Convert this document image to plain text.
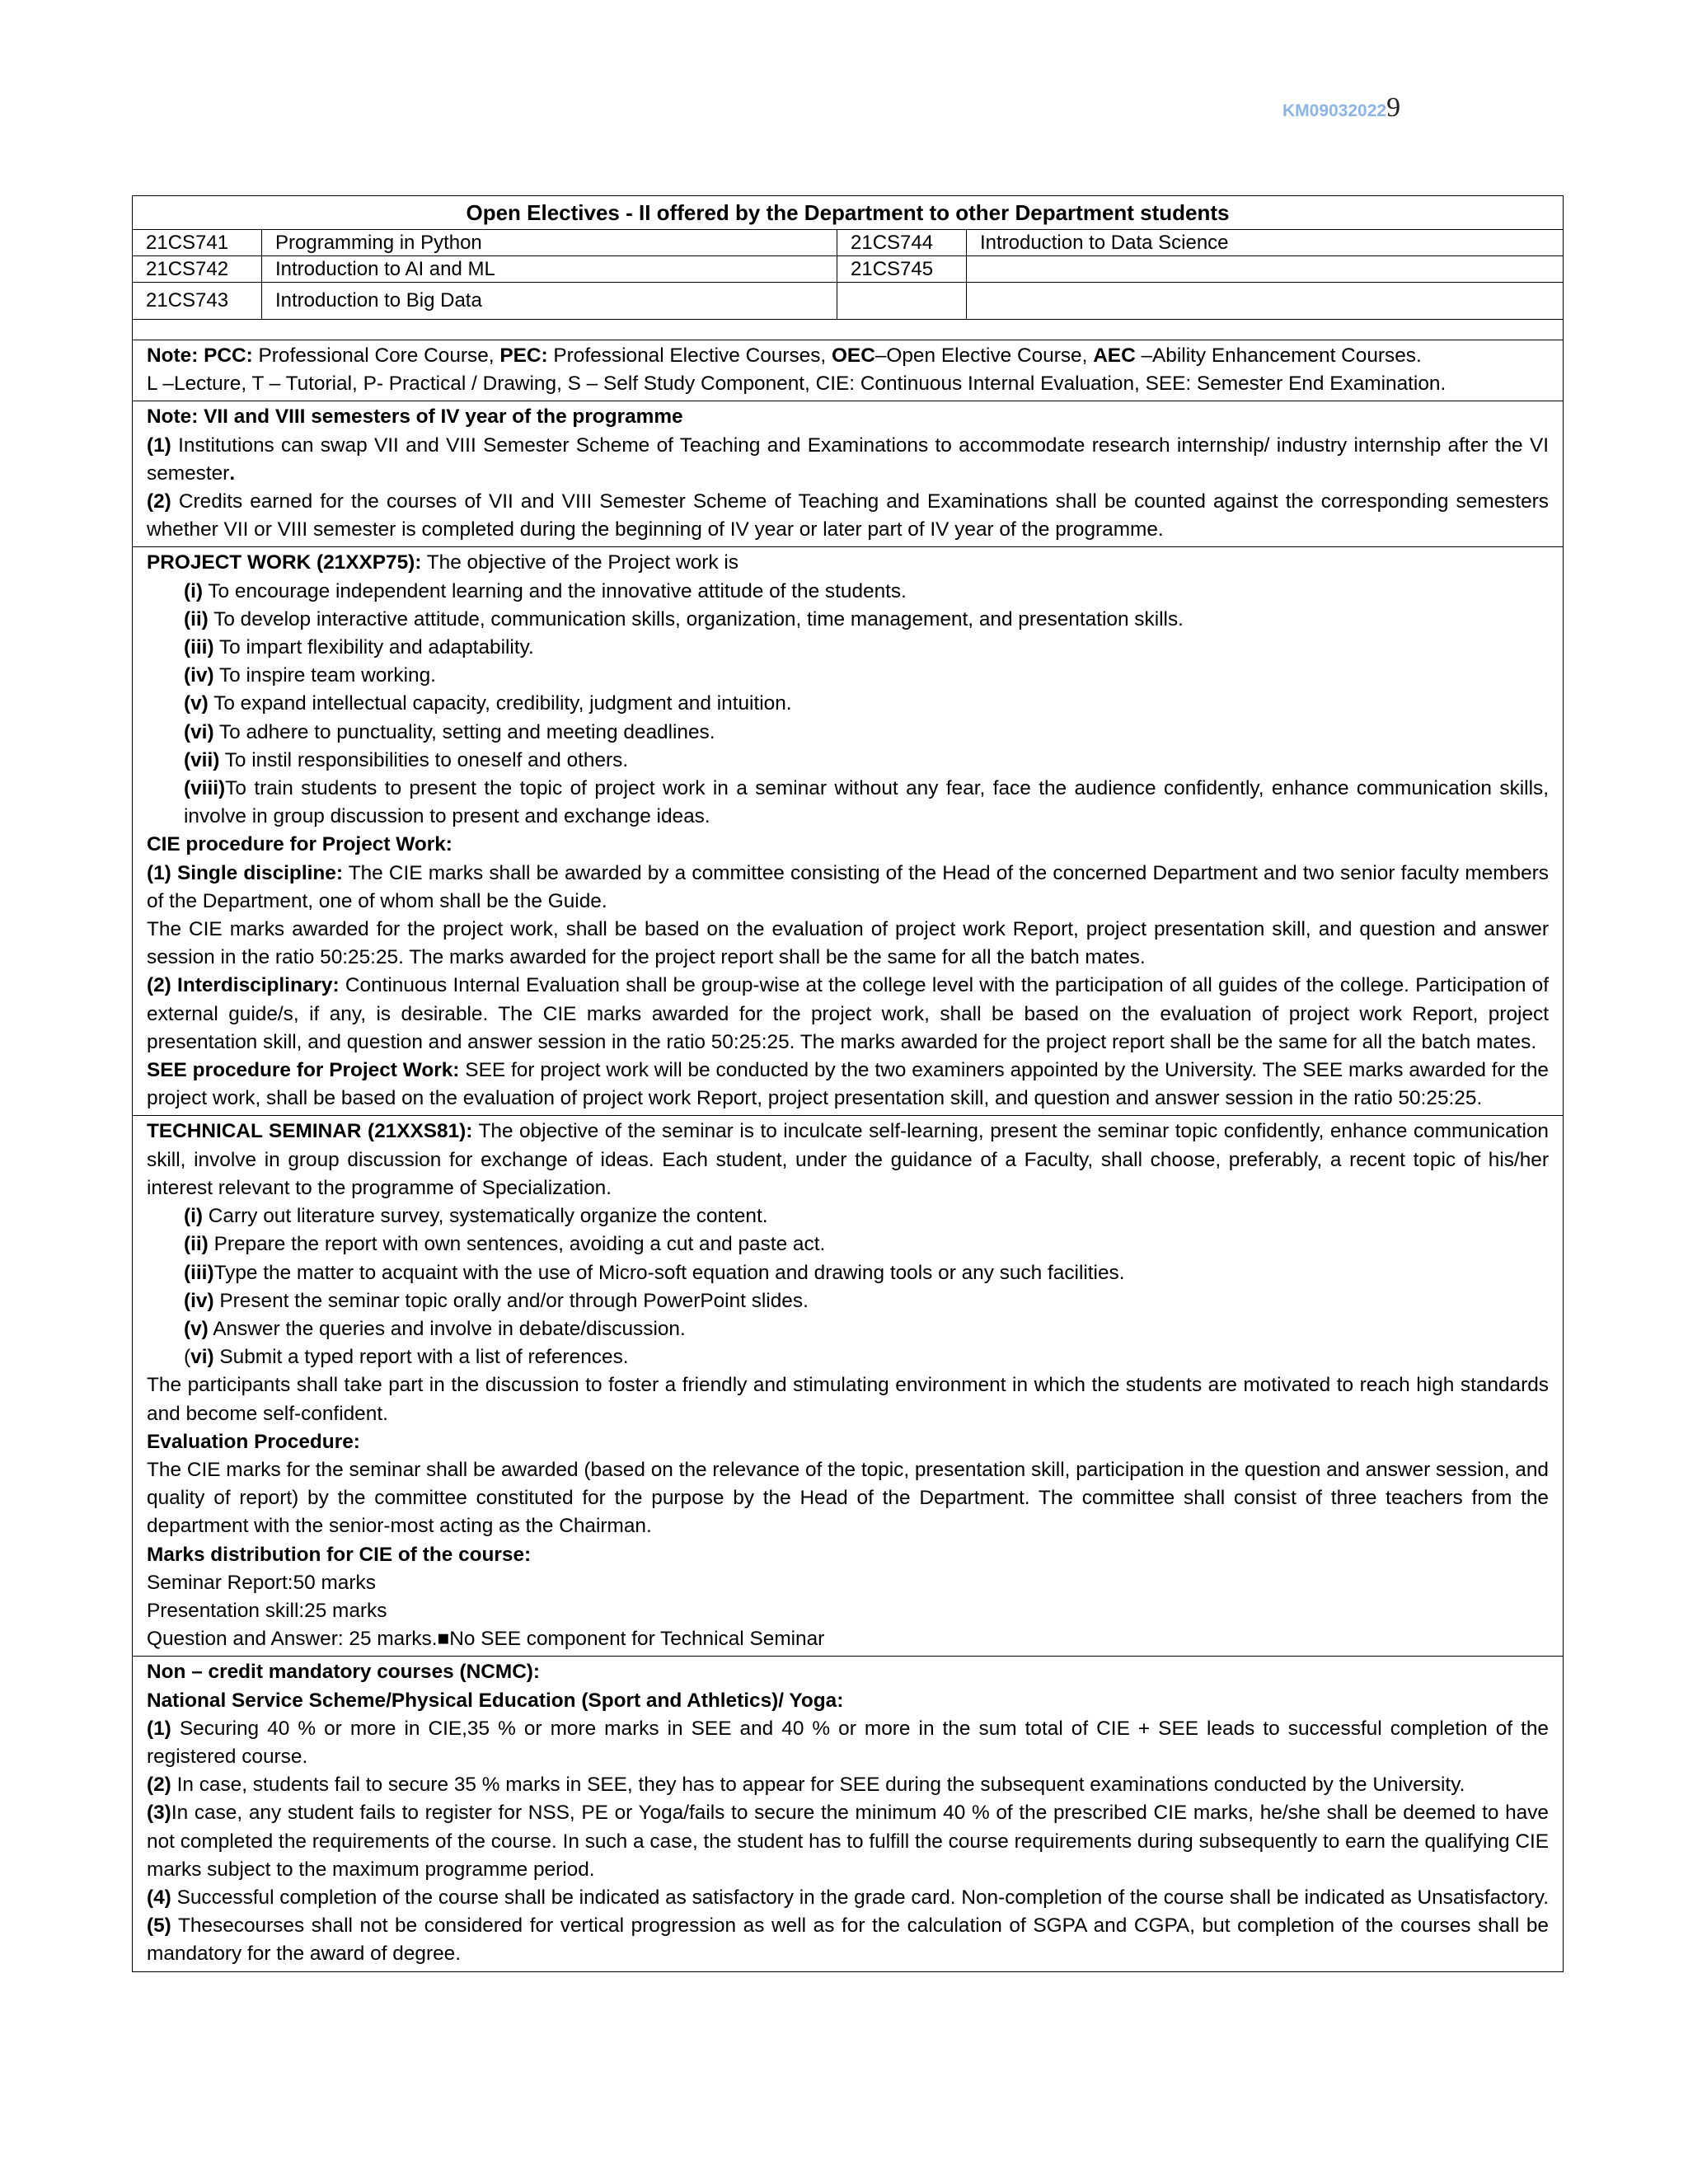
KM090320229
Open Electives - II offered by the Department to other Department students			
21CS741	Programming in Python	21CS744	Introduction to Data Science
21CS742	Introduction to AI and ML	21CS745	
21CS743	Introduction to Big Data		

Note: PCC: Professional Core Course, PEC: Professional Elective Courses, OEC–Open Elective Course, AEC –Ability Enhancement Courses.

L –Lecture, T – Tutorial, P- Practical / Drawing, S – Self Study Component, CIE: Continuous Internal Evaluation, SEE: Semester End Examination.

Note: VII and VIII semesters of IV year of the programme

(1) Institutions can swap VII and VIII Semester Scheme of Teaching and Examinations to accommodate research internship/ industry internship after the VI semester.

(2) Credits earned for the courses of VII and VIII Semester Scheme of Teaching and Examinations shall be counted against the corresponding semesters whether VII or VIII semester is completed during the beginning of IV year or later part of IV year of the programme.

PROJECT WORK (21XXP75): The objective of the Project work is

(i) To encourage independent learning and the innovative attitude of the students.

(ii) To develop interactive attitude, communication skills, organization, time management, and presentation skills.

(iii) To impart flexibility and adaptability.

(iv) To inspire team working.

(v) To expand intellectual capacity, credibility, judgment and intuition.

(vi) To adhere to punctuality, setting and meeting deadlines.

(vii) To instil responsibilities to oneself and others.

(viii)To train students to present the topic of project work in a seminar without any fear, face the audience confidently, enhance communication skills, involve in group discussion to present and exchange ideas.

CIE procedure for Project Work:

(1) Single discipline: The CIE marks shall be awarded by a committee consisting of the Head of the concerned Department and two senior faculty members of the Department, one of whom shall be the Guide.

The CIE marks awarded for the project work, shall be based on the evaluation of project work Report, project presentation skill, and question and answer session in the ratio 50:25:25. The marks awarded for the project report shall be the same for all the batch mates.

(2) Interdisciplinary: Continuous Internal Evaluation shall be group-wise at the college level with the participation of all guides of the college. Participation of external guide/s, if any, is desirable. The CIE marks awarded for the project work, shall be based on the evaluation of project work Report, project presentation skill, and question and answer session in the ratio 50:25:25. The marks awarded for the project report shall be the same for all the batch mates.

SEE procedure for Project Work: SEE for project work will be conducted by the two examiners appointed by the University. The SEE marks awarded for the project work, shall be based on the evaluation of project work Report, project presentation skill, and question and answer session in the ratio 50:25:25.

TECHNICAL SEMINAR (21XXS81): The objective of the seminar is to inculcate self-learning, present the seminar topic confidently, enhance communication skill, involve in group discussion for exchange of ideas. Each student, under the guidance of a Faculty, shall choose, preferably, a recent topic of his/her interest relevant to the programme of Specialization.

(i) Carry out literature survey, systematically organize the content.

(ii) Prepare the report with own sentences, avoiding a cut and paste act.

(iii)Type the matter to acquaint with the use of Micro-soft equation and drawing tools or any such facilities.

(iv) Present the seminar topic orally and/or through PowerPoint slides.

(v) Answer the queries and involve in debate/discussion.

(vi) Submit a typed report with a list of references.

The participants shall take part in the discussion to foster a friendly and stimulating environment in which the students are motivated to reach high standards and become self-confident.

Evaluation Procedure:

The CIE marks for the seminar shall be awarded (based on the relevance of the topic, presentation skill, participation in the question and answer session, and quality of report) by the committee constituted for the purpose by the Head of the Department. The committee shall consist of three teachers from the department with the senior-most acting as the Chairman.

Marks distribution for CIE of the course:

Seminar Report:50 marks

Presentation skill:25 marks

Question and Answer: 25 marks.■No SEE component for Technical Seminar

Non – credit mandatory courses (NCMC):

National Service Scheme/Physical Education (Sport and Athletics)/ Yoga:

(1) Securing 40 % or more in CIE,35 % or more marks in SEE and 40 % or more in the sum total of CIE + SEE leads to successful completion of the registered course.

(2) In case, students fail to secure 35 % marks in SEE, they has to appear for SEE during the subsequent examinations conducted by the University.

(3)In case, any student fails to register for NSS, PE or Yoga/fails to secure the minimum 40 % of the prescribed CIE marks, he/she shall be deemed to have not completed the requirements of the course. In such a case, the student has to fulfill the course requirements during subsequently to earn the qualifying CIE marks subject to the maximum programme period.

(4) Successful completion of the course shall be indicated as satisfactory in the grade card. Non-completion of the course shall be indicated as Unsatisfactory.

(5) Thesecourses shall not be considered for vertical progression as well as for the calculation of SGPA and CGPA, but completion of the courses shall be mandatory for the award of degree.
